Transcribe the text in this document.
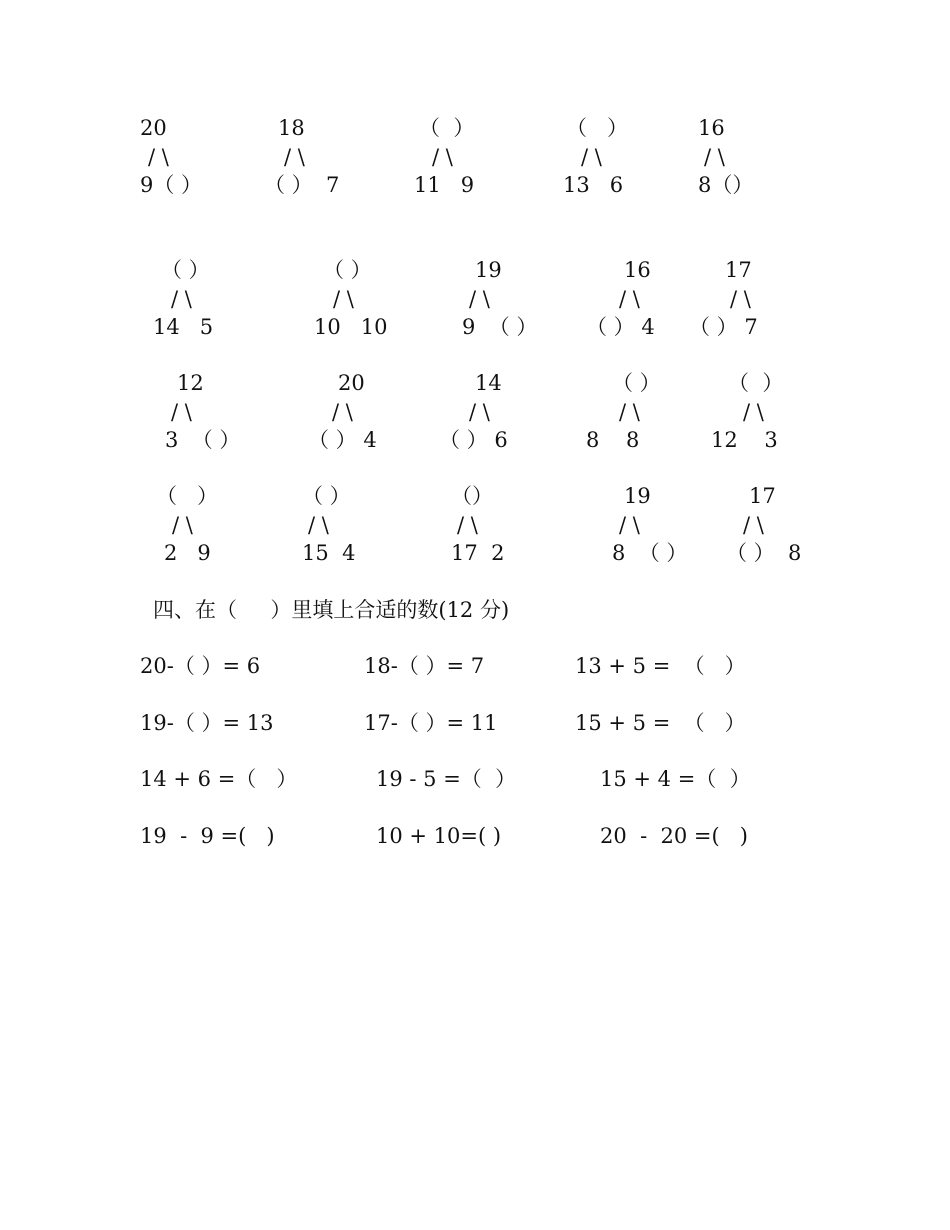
20
/ \
9（ ）
18
/ \
（ ）  7
（  ）
/ \
11   9
（   ）
/ \
13   6
16
/ \
8（）
（ ）
/ \
14   5
（ ）
/ \
10   10
19
/ \
9  （ ）
16
/ \
（ ） 4
17
/ \
（ ） 7
12
/ \
3  （ ）
20
/ \
（ ） 4
14
/ \
（ ） 6
（ ）
/ \
8    8
（  ）
/ \
12    3
（   ）
/ \
2   9
（ ）
/ \
15  4
（）
/ \
17  2
19
/ \
8  （ ）
17
/ \
（ ）  8
四、在（     ）里填上合适的数(12 分)
20-（ ）= 6	18-（ ）= 7	13 + 5 =  （   ）
19-（ ）= 13	17-（ ）= 11	15 + 5 =  （   ）
14 + 6 =（   ）	19 - 5 =（  ）	15 + 4 =（  ）
19  -  9 =(   )	10 + 10=( )	20  -  20 =(   )
